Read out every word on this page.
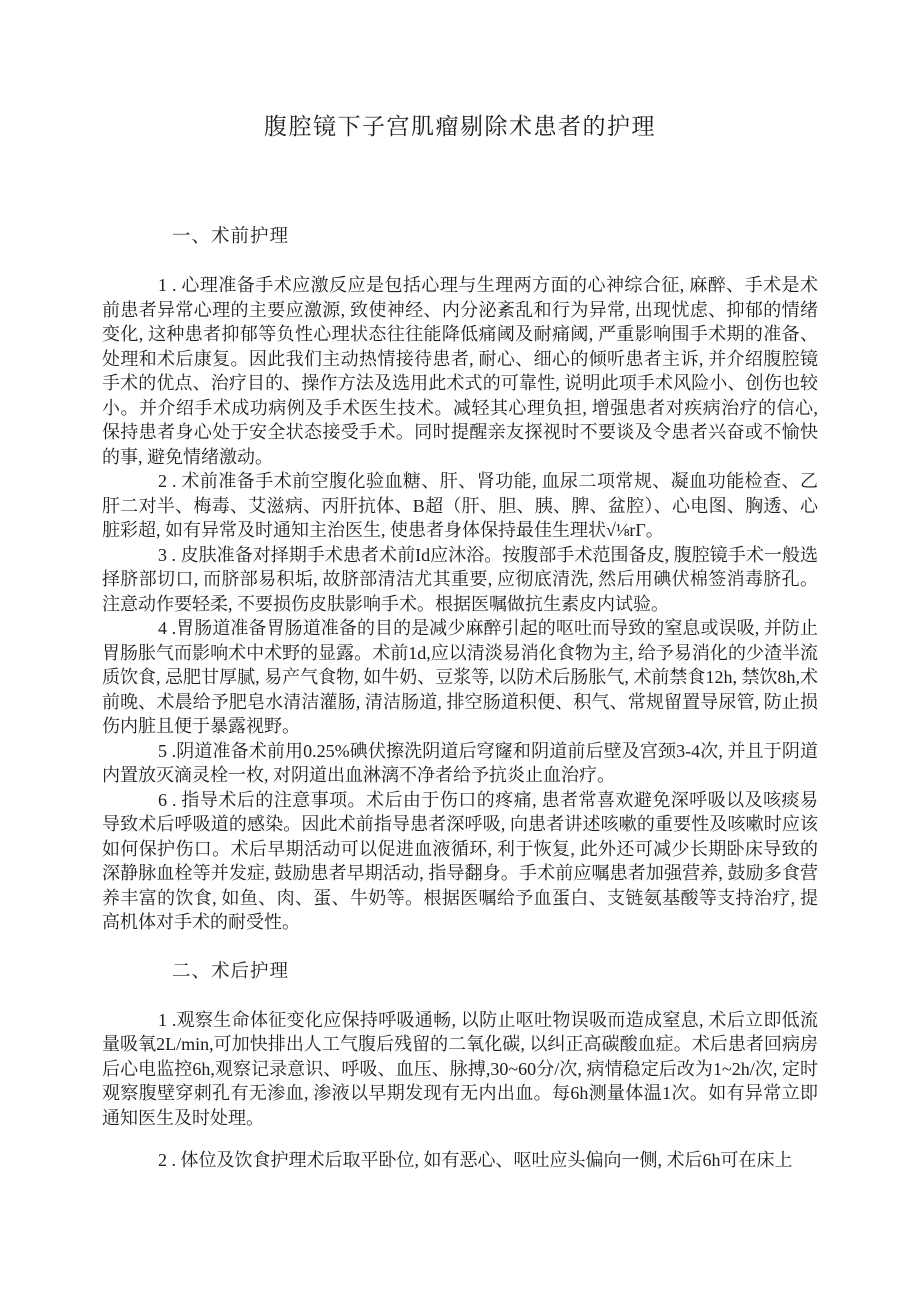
腹腔镜下子宫肌瘤剔除术患者的护理
一、术前护理

1 . 心理准备手术应激反应是包括心理与生理两方面的心神综合征, 麻醉、手术是术前患者异常心理的主要应激源, 致使神经、内分泌紊乱和行为异常, 出现忧虑、抑郁的情绪变化, 这种患者抑郁等负性心理状态往往能降低痛阈及耐痛阈, 严重影响围手术期的准备、处理和术后康复。因此我们主动热情接待患者, 耐心、细心的倾听患者主诉, 并介绍腹腔镜手术的优点、治疗目的、操作方法及选用此术式的可靠性, 说明此项手术风险小、创伤也较小。并介绍手术成功病例及手术医生技术。减轻其心理负担, 增强患者对疾病治疗的信心, 保持患者身心处于安全状态接受手术。同时提醒亲友探视时不要谈及令患者兴奋或不愉快的事, 避免情绪激动。

2 . 术前准备手术前空腹化验血糖、肝、肾功能, 血尿二项常规、凝血功能检查、乙肝二对半、梅毒、艾滋病、丙肝抗体、B超（肝、胆、胰、脾、盆腔）、心电图、胸透、心脏彩超, 如有异常及时通知主治医生, 使患者身体保持最佳生理状√⅛rΓ。

3 . 皮肤准备对择期手术患者术前Id应沐浴。按腹部手术范围备皮, 腹腔镜手术一般选择脐部切口, 而脐部易积垢, 故脐部清洁尤其重要, 应彻底清洗, 然后用碘伏棉签消毒脐孔。注意动作要轻柔, 不要损伤皮肤影响手术。根据医嘱做抗生素皮内试验。

4 .胃肠道准备胃肠道准备的目的是减少麻醉引起的呕吐而导致的窒息或误吸, 并防止胃肠胀气而影响术中术野的显露。术前1d,应以清淡易消化食物为主, 给予易消化的少渣半流质饮食, 忌肥甘厚腻, 易产气食物, 如牛奶、豆浆等, 以防术后肠胀气, 术前禁食12h, 禁饮8h,术前晚、术晨给予肥皂水清洁灌肠, 清洁肠道, 排空肠道积便、积气、常规留置导尿管, 防止损伤内脏且便于暴露视野。

5 .阴道准备术前用0.25%碘伏擦洗阴道后穹窿和阴道前后壁及宫颈3-4次, 并且于阴道内置放灭滴灵栓一枚, 对阴道出血淋漓不净者给予抗炎止血治疗。

6 . 指导术后的注意事项。术后由于伤口的疼痛, 患者常喜欢避免深呼吸以及咳痰易导致术后呼吸道的感染。因此术前指导患者深呼吸, 向患者讲述咳嗽的重要性及咳嗽时应该如何保护伤口。术后早期活动可以促进血液循环, 利于恢复, 此外还可减少长期卧床导致的深静脉血栓等并发症, 鼓励患者早期活动, 指导翻身。手术前应嘱患者加强营养, 鼓励多食营养丰富的饮食, 如鱼、肉、蛋、牛奶等。根据医嘱给予血蛋白、支链氨基酸等支持治疗, 提高机体对手术的耐受性。

二、术后护理

1 .观察生命体征变化应保持呼吸通畅, 以防止呕吐物误吸而造成窒息, 术后立即低流量吸氧2L/min,可加快排出人工气腹后残留的二氧化碳, 以纠正高碳酸血症。术后患者回病房后心电监控6h,观察记录意识、呼吸、血压、脉搏,30~60分/次, 病情稳定后改为1~2h/次, 定时观察腹壁穿刺孔有无渗血, 渗液以早期发现有无内出血。每6h测量体温1次。如有异常立即通知医生及时处理。

2 . 体位及饮食护理术后取平卧位, 如有恶心、呕吐应头偏向一侧, 术后6h可在床上
